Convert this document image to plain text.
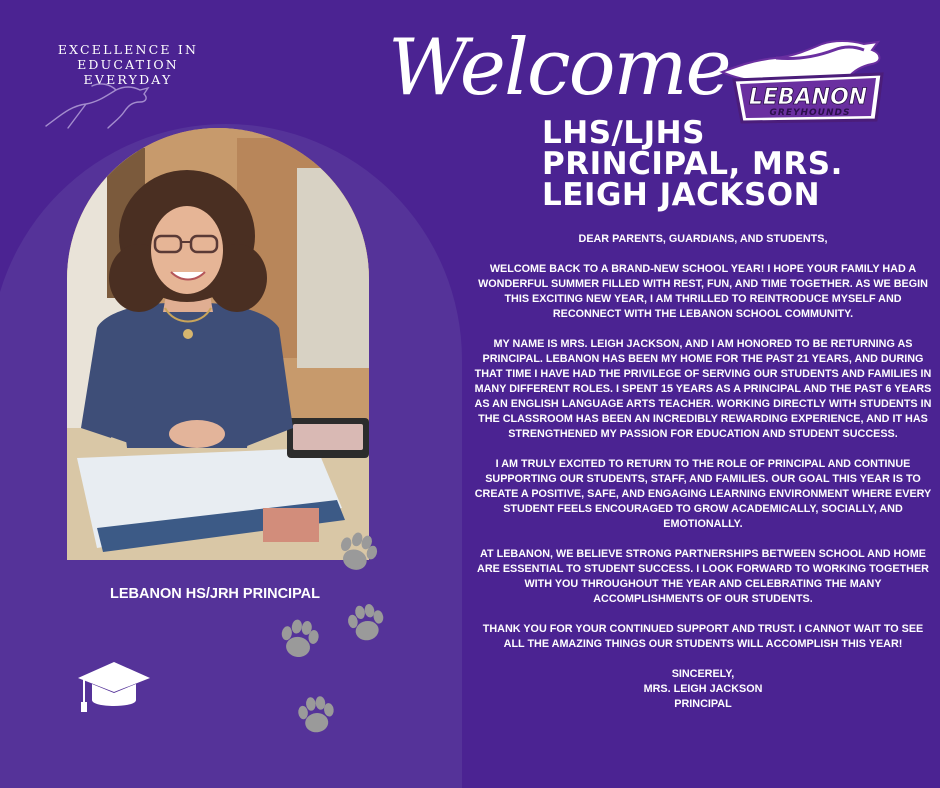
EXCELLENCE IN
EDUCATION
EVERYDAY
LEBANON HS/JRH PRINCIPAL
Welcome LEBANON
GREYHOUNDS
LHS/LJHS
PRINCIPAL, MRS.
LEIGH JACKSON

DEAR PARENTS, GUARDIANS, AND STUDENTS,

WELCOME BACK TO A BRAND-NEW SCHOOL YEAR! I HOPE YOUR FAMILY HAD A WONDERFUL SUMMER FILLED WITH REST, FUN, AND TIME TOGETHER. AS WE BEGIN THIS EXCITING NEW YEAR, I AM THRILLED TO REINTRODUCE MYSELF AND RECONNECT WITH THE LEBANON SCHOOL COMMUNITY.

MY NAME IS MRS. LEIGH JACKSON, AND I AM HONORED TO BE RETURNING AS PRINCIPAL. LEBANON HAS BEEN MY HOME FOR THE PAST 21 YEARS, AND DURING THAT TIME I HAVE HAD THE PRIVILEGE OF SERVING OUR STUDENTS AND FAMILIES IN MANY DIFFERENT ROLES. I SPENT 15 YEARS AS A PRINCIPAL AND THE PAST 6 YEARS AS AN ENGLISH LANGUAGE ARTS TEACHER. WORKING DIRECTLY WITH STUDENTS IN THE CLASSROOM HAS BEEN AN INCREDIBLY REWARDING EXPERIENCE, AND IT HAS STRENGTHENED MY PASSION FOR EDUCATION AND STUDENT SUCCESS.

I AM TRULY EXCITED TO RETURN TO THE ROLE OF PRINCIPAL AND CONTINUE SUPPORTING OUR STUDENTS, STAFF, AND FAMILIES. OUR GOAL THIS YEAR IS TO CREATE A POSITIVE, SAFE, AND ENGAGING LEARNING ENVIRONMENT WHERE EVERY STUDENT FEELS ENCOURAGED TO GROW ACADEMICALLY, SOCIALLY, AND EMOTIONALLY.

AT LEBANON, WE BELIEVE STRONG PARTNERSHIPS BETWEEN SCHOOL AND HOME ARE ESSENTIAL TO STUDENT SUCCESS. I LOOK FORWARD TO WORKING TOGETHER WITH YOU THROUGHOUT THE YEAR AND CELEBRATING THE MANY ACCOMPLISHMENTS OF OUR STUDENTS.

THANK YOU FOR YOUR CONTINUED SUPPORT AND TRUST. I CANNOT WAIT TO SEE ALL THE AMAZING THINGS OUR STUDENTS WILL ACCOMPLISH THIS YEAR!

SINCERELY,

MRS. LEIGH JACKSON

PRINCIPAL
